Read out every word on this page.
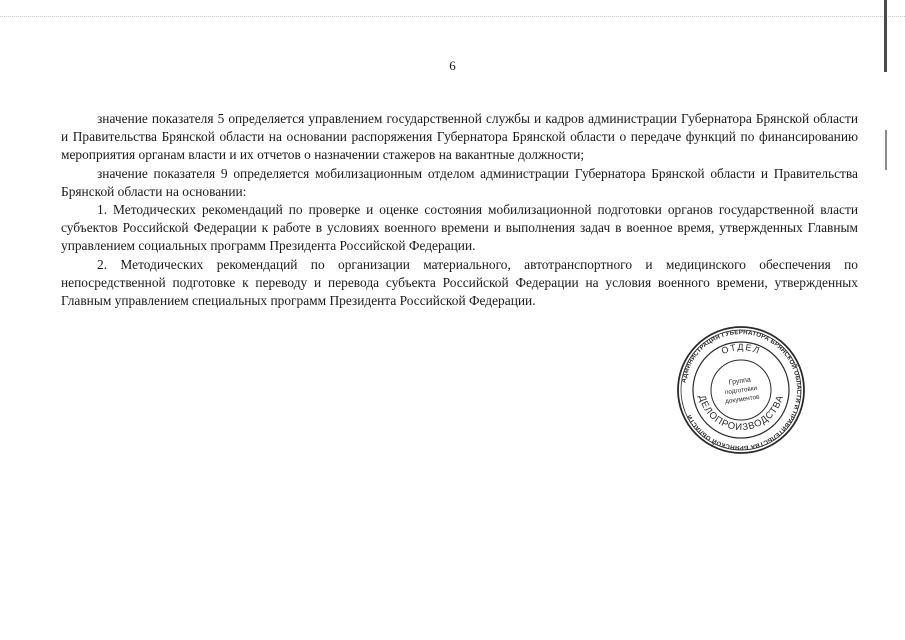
6

значение показателя 5 определяется управлением государственной службы и кадров администрации Губернатора Брянской области и Правительства Брянской области на основании распоряжения Губернатора Брянской области о передаче функций по финансированию мероприятия органам власти и их отчетов о назначении стажеров на вакантные должности;

значение показателя 9 определяется мобилизационным отделом администрации Губернатора Брянской области и Правительства Брянской области на основании:

1. Методических рекомендаций по проверке и оценке состояния мобилизационной подготовки органов государственной власти субъектов Российской Федерации к работе в условиях военного времени и выполнения задач в военное время, утвержденных Главным управлением социальных программ Президента Российской Федерации.

2. Методических рекомендаций по организации материального, автотранспортного и медицинского обеспечения по непосредственной подготовке к переводу и перевода субъекта Российской Федерации на условия военного времени, утвержденных Главным управлением специальных программ Президента Российской Федерации.

АДМИНИСТРАЦИЯ ГУБЕРНАТОРА БРЯНСКОЙ ОБЛАСТИ И ПРАВИТЕЛЬСТВА БРЯНСКОЙ ОБЛАСТИ
ОТДЕЛ
ДЕЛОПРОИЗВОДСТВА
Группа
подготовки
документов
